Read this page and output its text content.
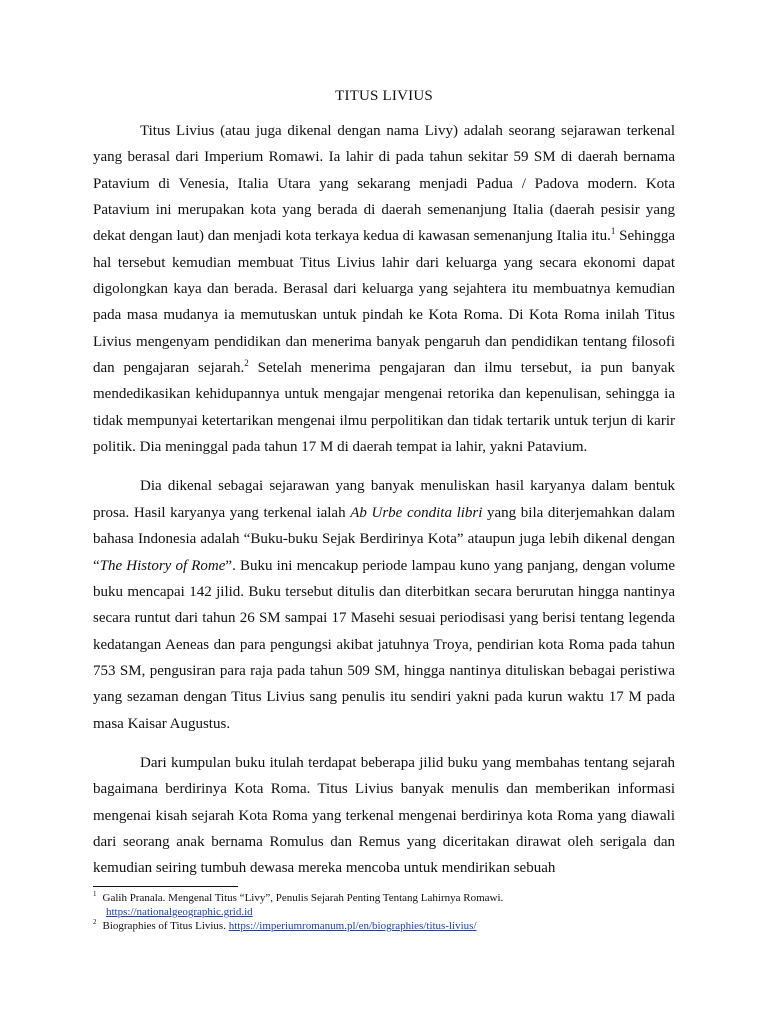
TITUS LIVIUS

Titus Livius (atau juga dikenal dengan nama Livy) adalah seorang sejarawan terkenal yang berasal dari Imperium Romawi. Ia lahir di pada tahun sekitar 59 SM di daerah bernama Patavium di Venesia, Italia Utara yang sekarang menjadi Padua / Padova modern. Kota Patavium ini merupakan kota yang berada di daerah semenanjung Italia (daerah pesisir yang dekat dengan laut) dan menjadi kota terkaya kedua di kawasan semenanjung Italia itu.$^1$ Sehingga hal tersebut kemudian membuat Titus Livius lahir dari keluarga yang secara ekonomi dapat digolongkan kaya dan berada. Berasal dari keluarga yang sejahtera itu membuatnya kemudian pada masa mudanya ia memutuskan untuk pindah ke Kota Roma. Di Kota Roma inilah Titus Livius mengenyam pendidikan dan menerima banyak pengaruh dan pendidikan tentang filosofi dan pengajaran sejarah.$^2$ Setelah menerima pengajaran dan ilmu tersebut, ia pun banyak mendedikasikan kehidupannya untuk mengajar mengenai retorika dan kepenulisan, sehingga ia tidak mempunyai ketertarikan mengenai ilmu perpolitikan dan tidak tertarik untuk terjun di karir politik. Dia meninggal pada tahun 17 M di daerah tempat ia lahir, yakni Patavium.

Dia dikenal sebagai sejarawan yang banyak menuliskan hasil karyanya dalam bentuk prosa. Hasil karyanya yang terkenal ialah Ab Urbe condita libri yang bila diterjemahkan dalam bahasa Indonesia adalah “Buku-buku Sejak Berdirinya Kota” ataupun juga lebih dikenal dengan “The History of Rome”. Buku ini mencakup periode lampau kuno yang panjang, dengan volume buku mencapai 142 jilid. Buku tersebut ditulis dan diterbitkan secara berurutan hingga nantinya secara runtut dari tahun 26 SM sampai 17 Masehi sesuai periodisasi yang berisi tentang legenda kedatangan Aeneas dan para pengungsi akibat jatuhnya Troya, pendirian kota Roma pada tahun 753 SM, pengusiran para raja pada tahun 509 SM, hingga nantinya dituliskan bebagai peristiwa yang sezaman dengan Titus Livius sang penulis itu sendiri yakni pada kurun waktu 17 M pada masa Kaisar Augustus.

Dari kumpulan buku itulah terdapat beberapa jilid buku yang membahas tentang sejarah bagaimana berdirinya Kota Roma. Titus Livius banyak menulis dan memberikan informasi mengenai kisah sejarah Kota Roma yang terkenal mengenai berdirinya kota Roma yang diawali dari seorang anak bernama Romulus dan Remus yang diceritakan dirawat oleh serigala dan kemudian seiring tumbuh dewasa mereka mencoba untuk mendirikan sebuah

$^1$ Galih Pranala. Mengenal Titus “Livy”, Penulis Sejarah Penting Tentang Lahirnya Romawi.
https://nationalgeographic.grid.id

$^2$ Biographies of Titus Livius. https://imperiumromanum.pl/en/biographies/titus-livius/
